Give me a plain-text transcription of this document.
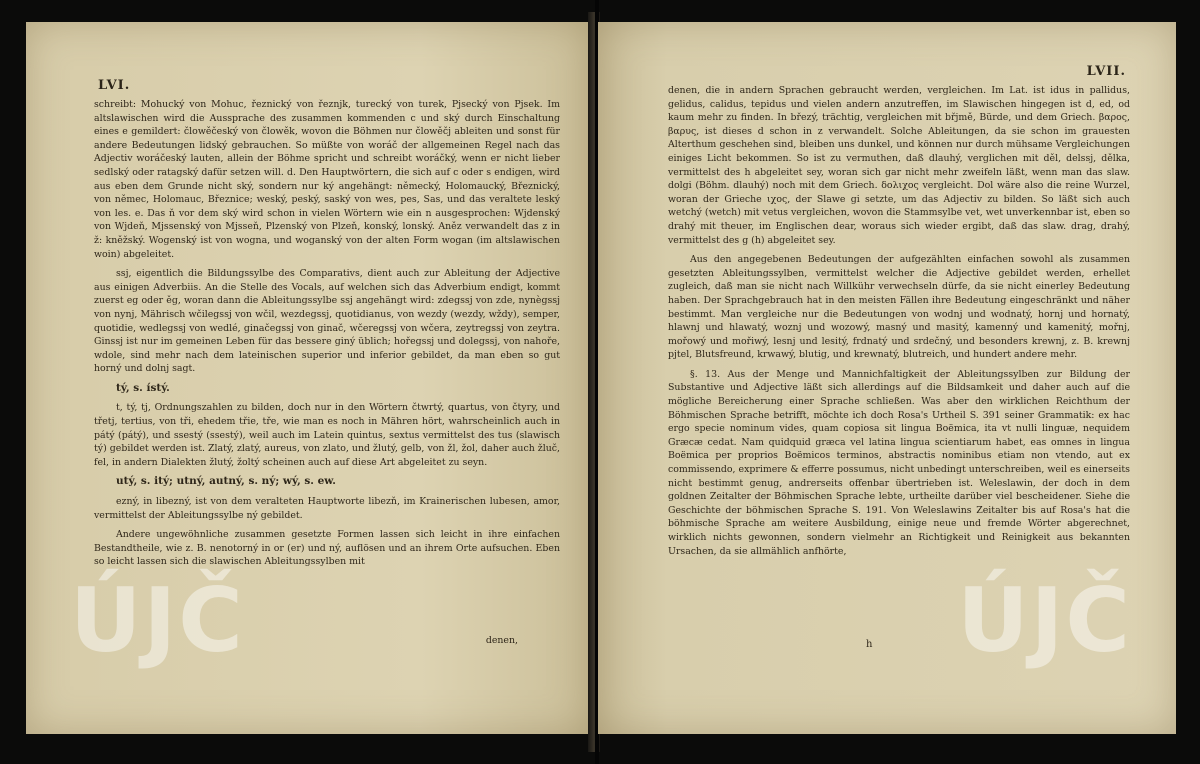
LVI.

schreibt: Mohucký von Mohuc, řeznický von řeznjk, turecký von turek, Pjsecký von Pjsek. Im altslawischen wird die Aussprache des zusammen kommenden c und ský durch Einschaltung eines e gemildert: člowěčeský von člowěk, wovon die Böhmen nur člowěčj ableiten und sonst für andere Bedeutungen lidský gebrauchen. So müßte von woráč der allgemeinen Regel nach das Adjectiv woráčeský lauten, allein der Böhme spricht und schreibt woráčký, wenn er nicht lieber sedlský oder ratagský dafür setzen will. d. Den Hauptwörtern, die sich auf c oder s endigen, wird aus eben dem Grunde nicht ský, sondern nur ký angehängt: německý, Holomaucký, Březnický, von němec, Holomauc, Březnice; weský, peský, saský von wes, pes, Sas, und das veraltete leský von les. e. Das ň vor dem ský wird schon in vielen Wörtern wie ein n ausgesprochen: Wjdenský von Wjdeň, Mjssenský von Mjsseň, Plzenský von Plzeň, konský, lonský. Aněz verwandelt das z in ž: kněžský. Wogenský ist von wogna, und woganský von der alten Form wogan (im altslawischen woin) abgeleitet.

ssj, eigentlich die Bildungssylbe des Comparativs, dient auch zur Ableitung der Adjective aus einigen Adverbiis. An die Stelle des Vocals, auf welchen sich das Adverbium endigt, kommt zuerst eg oder ěg, woran dann die Ableitungssylbe ssj angehängt wird: zdegssj von zde, nynègssj von nynj, Mährisch wčilegssj von wčil, wezdegssj, quotidianus, von wezdy (wezdy, wždy), semper, quotidie, wedlegssj von wedlé, ginačegssj von ginač, wčeregssj von wčera, zeytregssj von zeytra. Ginssj ist nur im gemeinen Leben für das bessere giný üblich; hořegssj und dolegssj, von nahoře, wdole, sind mehr nach dem lateinischen superior und inferior gebildet, da man eben so gut horný und dolnj sagt.

tý, s. ístý.

t, tý, tj, Ordnungszahlen zu bilden, doch nur in den Wörtern čtwrtý, quartus, von čtyry, und třetj, tertius, von tři, ehedem třie, tře, wie man es noch in Mähren hört, wahrscheinlich auch in pátý (pátý), und ssestý (ssestý), weil auch im Latein quintus, sextus vermittelst des tus (slawisch tý) gebildet werden ist. Zlatý, zlatý, aureus, von zlato, und žlutý, gelb, von žl, žol, daher auch žluč, fel, in andern Dialekten žlutý, žoltý scheinen auch auf diese Art abgeleitet zu seyn.

utý, s. itý; utný, autný, s. ný; wý, s. ew.

ezný, in libezný, ist von dem veralteten Hauptworte libezň, im Krainerischen lubesen, amor, vermittelst der Ableitungssylbe ný gebildet.

Andere ungewöhnliche zusammen gesetzte Formen lassen sich leicht in ihre einfachen Bestandtheile, wie z. B. nenotorný in or (er) und ný, auflösen und an ihrem Orte aufsuchen. Eben so leicht lassen sich die slawischen Ableitungssylben mit

denen,
ÚJČ
LVII.

denen, die in andern Sprachen gebraucht werden, vergleichen. Im Lat. ist idus in pallidus, gelidus, calidus, tepidus und vielen andern anzutreffen, im Slawischen hingegen ist d, ed, od kaum mehr zu finden. In březý, trächtig, vergleichen mit břjmě, Bürde, und dem Griech. βαρος, βαρυς, ist dieses d schon in z verwandelt. Solche Ableitungen, da sie schon im grauesten Alterthum geschehen sind, bleiben uns dunkel, und können nur durch mühsame Vergleichungen einiges Licht bekommen. So ist zu vermuthen, daß dlauhý, verglichen mit děl, delssj, dělka, vermittelst des h abgeleitet sey, woran sich gar nicht mehr zweifeln läßt, wenn man das slaw. dolgi (Böhm. dlauhý) noch mit dem Griech. δολιχος vergleicht. Dol wäre also die reine Wurzel, woran der Grieche ιχος, der Slawe gi setzte, um das Adjectiv zu bilden. So läßt sich auch wetchý (wetch) mit vetus vergleichen, wovon die Stammsylbe vet, wet unverkennbar ist, eben so drahý mit theuer, im Englischen dear, woraus sich wieder ergibt, daß das slaw. drag, drahý, vermittelst des g (h) abgeleitet sey.

Aus den angegebenen Bedeutungen der aufgezählten einfachen sowohl als zusammen gesetzten Ableitungssylben, vermittelst welcher die Adjective gebildet werden, erhellet zugleich, daß man sie nicht nach Willkühr verwechseln dürfe, da sie nicht einerley Bedeutung haben. Der Sprachgebrauch hat in den meisten Fällen ihre Bedeutung eingeschränkt und näher bestimmt. Man vergleiche nur die Bedeutungen von wodnj und wodnatý, hornj und hornatý, hlawnj und hlawatý, woznj und wozowý, masný und masitý, kamenný und kamenitý, mořnj, mořowý und mořiwý, lesnj und lesitý, frdnatý und srdečný, und besonders krewnj, z. B. krewnj pjtel, Blutsfreund, krwawý, blutig, und krewnatý, blutreich, und hundert andere mehr.

§. 13. Aus der Menge und Mannichfaltigkeit der Ableitungssylben zur Bildung der Substantive und Adjective läßt sich allerdings auf die Bildsamkeit und daher auch auf die mögliche Bereicherung einer Sprache schließen. Was aber den wirklichen Reichthum der Böhmischen Sprache betrifft, möchte ich doch Rosa's Urtheil S. 391 seiner Grammatik: ex hac ergo specie nominum vides, quam copiosa sit lingua Boëmica, ita vt nulli linguæ, nequidem Græcæ cedat. Nam quidquid græca vel latina lingua scientiarum habet, eas omnes in lingua Boëmica per proprios Boëmicos terminos, abstractis nominibus etiam non vtendo, aut ex commissendo, exprimere & efferre possumus, nicht unbedingt unterschreiben, weil es einerseits nicht bestimmt genug, andrerseits offenbar übertrieben ist. Weleslawin, der doch in dem goldnen Zeitalter der Böhmischen Sprache lebte, urtheilte darüber viel bescheidener. Siehe die Geschichte der böhmischen Sprache S. 191. Von Weleslawins Zeitalter bis auf Rosa's hat die böhmische Sprache am weitere Ausbildung, einige neue und fremde Wörter abgerechnet, wirklich nichts gewonnen, sondern vielmehr an Richtigkeit und Reinigkeit aus bekannten Ursachen, da sie allmählich anfhörte,

h ÚJČ
